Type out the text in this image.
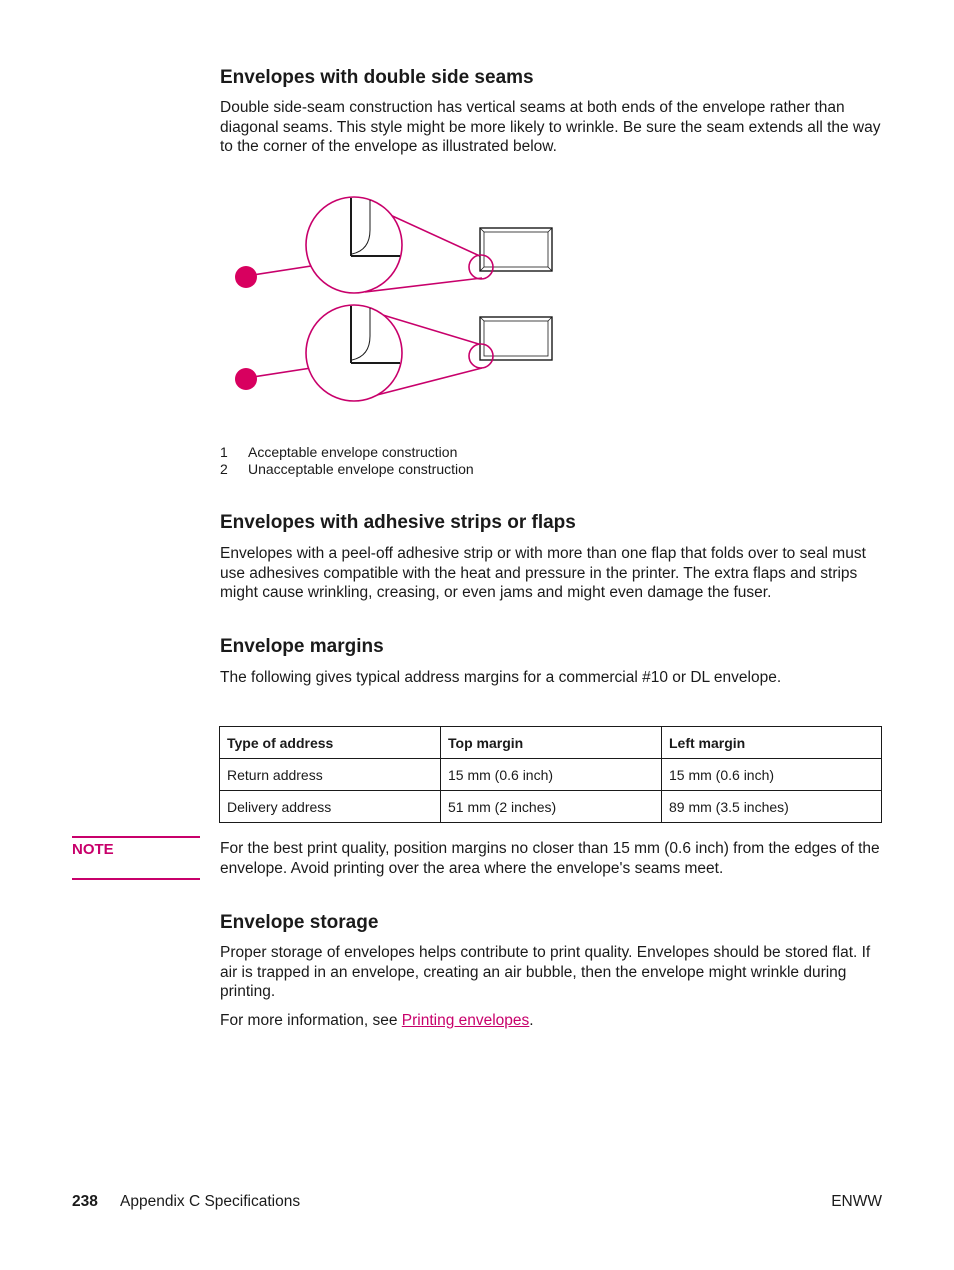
Envelopes with double side seams

Double side-seam construction has vertical seams at both ends of the envelope rather than diagonal seams. This style might be more likely to wrinkle. Be sure the seam extends all the way to the corner of the envelope as illustrated below.

1	Acceptable envelope construction
2	Unacceptable envelope construction
Envelopes with adhesive strips or flaps

Envelopes with a peel-off adhesive strip or with more than one flap that folds over to seal must use adhesives compatible with the heat and pressure in the printer. The extra flaps and strips might cause wrinkling, creasing, or even jams and might even damage the fuser.

Envelope margins

The following gives typical address margins for a commercial #10 or DL envelope.

Type of address	Top margin	Left margin
Return address	15 mm (0.6 inch)	15 mm (0.6 inch)
Delivery address	51 mm (2 inches)	89 mm (3.5 inches)
NOTE	For the best print quality, position margins no closer than 15 mm (0.6 inch) from the edges of the envelope. Avoid printing over the area where the envelope's seams meet.

Envelope storage

Proper storage of envelopes helps contribute to print quality. Envelopes should be stored flat. If air is trapped in an envelope, creating an air bubble, then the envelope might wrinkle during printing.

For more information, see Printing envelopes.

238 Appendix C Specifications	ENWW
